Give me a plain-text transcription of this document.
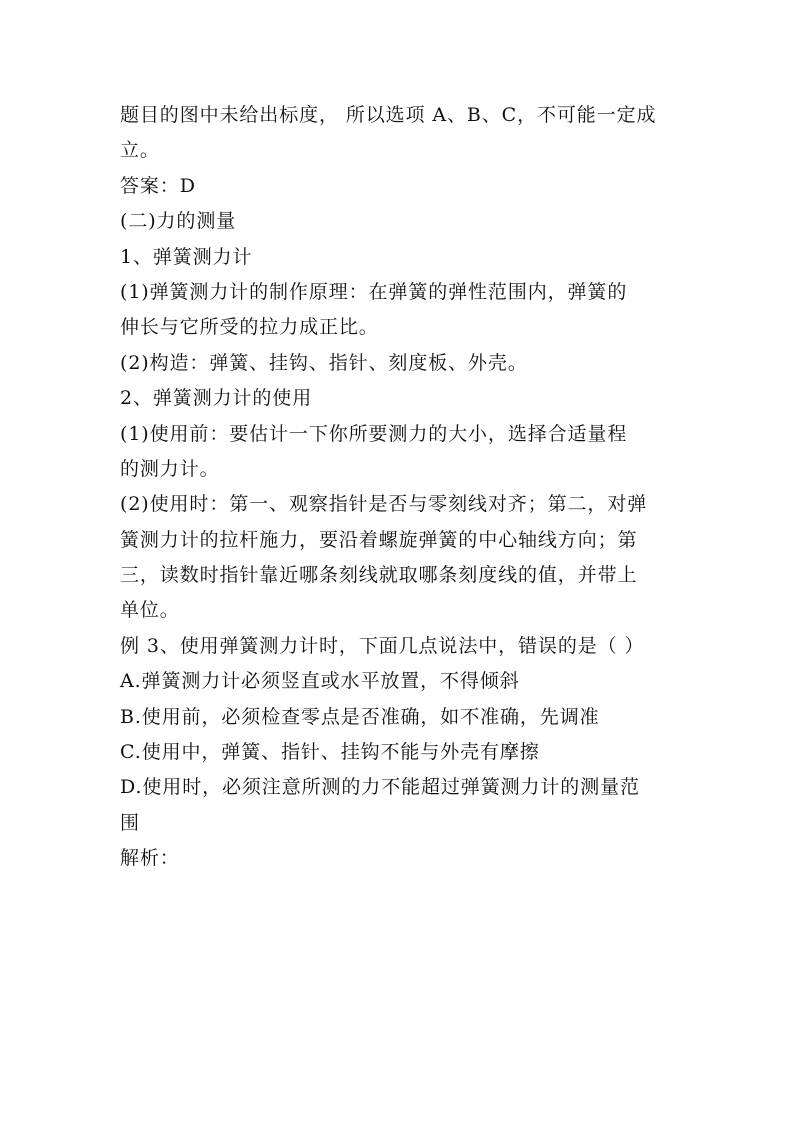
题目的图中未给出标度， 所以选项 A、B、C，不可能一定成
立。
答案：D
(二)力的测量
1、弹簧测力计
(1)弹簧测力计的制作原理：在弹簧的弹性范围内，弹簧的
伸长与它所受的拉力成正比。
(2)构造：弹簧、挂钩、指针、刻度板、外壳。
2、弹簧测力计的使用
(1)使用前：要估计一下你所要测力的大小，选择合适量程
的测力计。
(2)使用时：第一、观察指针是否与零刻线对齐；第二，对弹
簧测力计的拉杆施力，要沿着螺旋弹簧的中心轴线方向；第
三，读数时指针靠近哪条刻线就取哪条刻度线的值，并带上
单位。
例 3、使用弹簧测力计时，下面几点说法中，错误的是（ ）
A.弹簧测力计必须竖直或水平放置，不得倾斜
B.使用前，必须检查零点是否准确，如不准确，先调准
C.使用中，弹簧、指针、挂钩不能与外壳有摩擦
D.使用时，必须注意所测的力不能超过弹簧测力计的测量范
围
解析：
